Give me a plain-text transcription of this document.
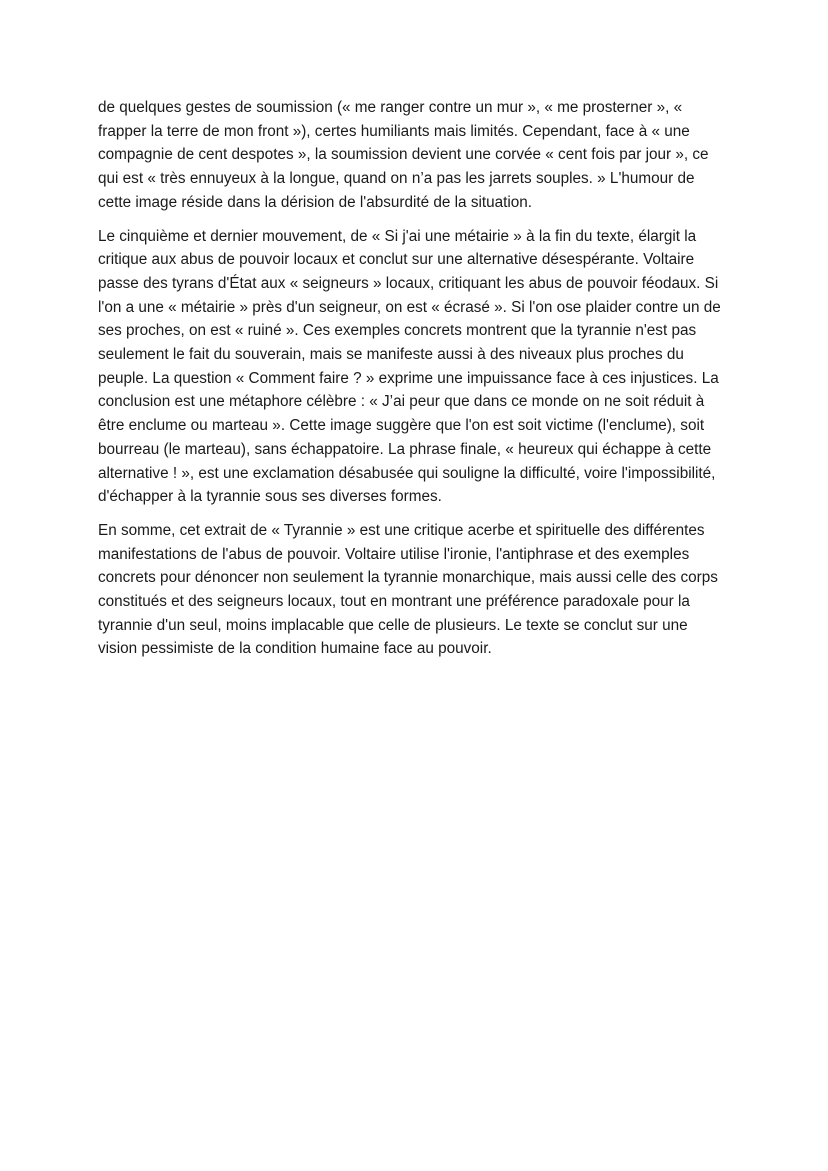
de quelques gestes de soumission (« me ranger contre un mur », « me prosterner », « frapper la terre de mon front »), certes humiliants mais limités. Cependant, face à « une compagnie de cent despotes », la soumission devient une corvée « cent fois par jour », ce qui est « très ennuyeux à la longue, quand on n’a pas les jarrets souples. » L'humour de cette image réside dans la dérision de l'absurdité de la situation.

Le cinquième et dernier mouvement, de « Si j'ai une métairie » à la fin du texte, élargit la critique aux abus de pouvoir locaux et conclut sur une alternative désespérante. Voltaire passe des tyrans d'État aux « seigneurs » locaux, critiquant les abus de pouvoir féodaux. Si l'on a une « métairie » près d'un seigneur, on est « écrasé ». Si l'on ose plaider contre un de ses proches, on est « ruiné ». Ces exemples concrets montrent que la tyrannie n'est pas seulement le fait du souverain, mais se manifeste aussi à des niveaux plus proches du peuple. La question « Comment faire ? » exprime une impuissance face à ces injustices. La conclusion est une métaphore célèbre : « J’ai peur que dans ce monde on ne soit réduit à être enclume ou marteau ». Cette image suggère que l'on est soit victime (l'enclume), soit bourreau (le marteau), sans échappatoire. La phrase finale, « heureux qui échappe à cette alternative ! », est une exclamation désabusée qui souligne la difficulté, voire l'impossibilité, d'échapper à la tyrannie sous ses diverses formes.

En somme, cet extrait de « Tyrannie » est une critique acerbe et spirituelle des différentes manifestations de l'abus de pouvoir. Voltaire utilise l'ironie, l'antiphrase et des exemples concrets pour dénoncer non seulement la tyrannie monarchique, mais aussi celle des corps constitués et des seigneurs locaux, tout en montrant une préférence paradoxale pour la tyrannie d'un seul, moins implacable que celle de plusieurs. Le texte se conclut sur une vision pessimiste de la condition humaine face au pouvoir.
